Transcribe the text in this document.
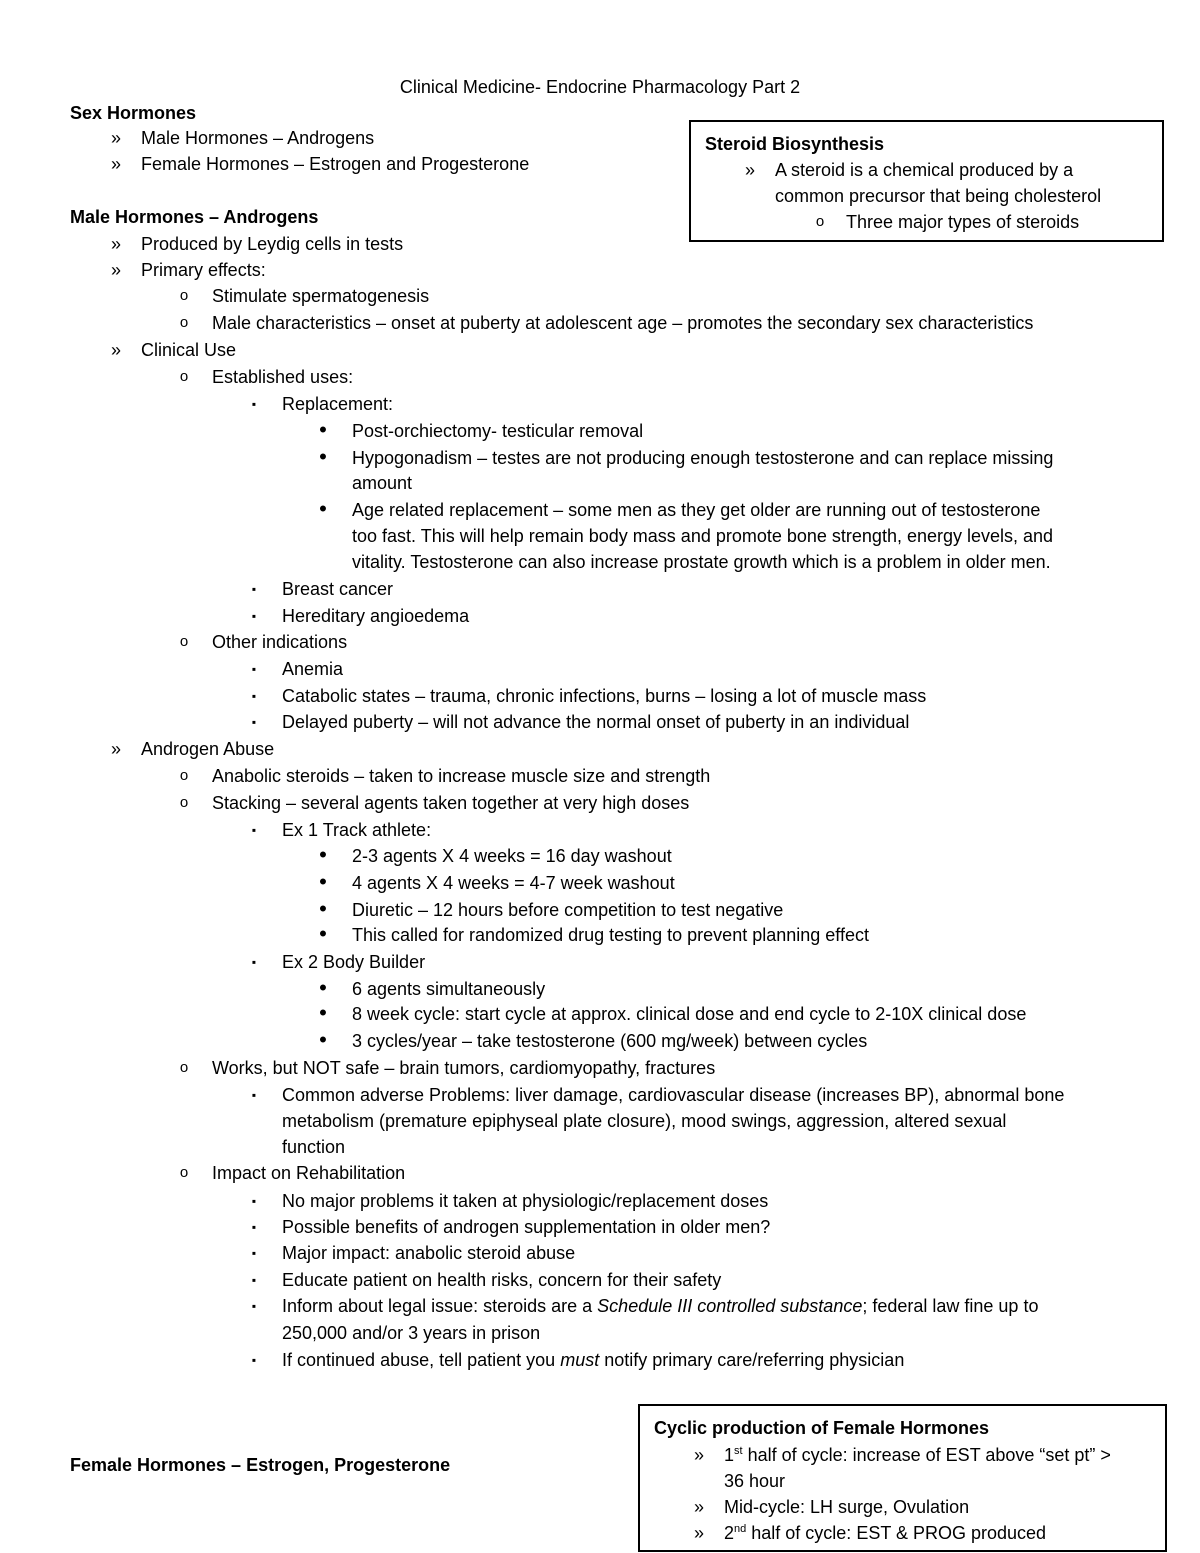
Clinical Medicine- Endocrine Pharmacology Part 2
Sex Hormones
»	Male Hormones – Androgens
»	Female Hormones – Estrogen and Progesterone
Steroid Biosynthesis
»	A steroid is a chemical produced by a
common precursor that being cholesterol
o	Three major types of steroids
Male Hormones – Androgens
»	Produced by Leydig cells in tests
»	Primary effects:
o	Stimulate spermatogenesis
o	Male characteristics – onset at puberty at adolescent age – promotes the secondary sex characteristics
»	Clinical Use
o	Established uses:
▪	Replacement:
•	Post-orchiectomy- testicular removal
•	Hypogonadism – testes are not producing enough testosterone and can replace missing
amount
•	Age related replacement – some men as they get older are running out of testosterone
too fast. This will help remain body mass and promote bone strength, energy levels, and
vitality. Testosterone can also increase prostate growth which is a problem in older men.
▪	Breast cancer
▪	Hereditary angioedema
o	Other indications
▪	Anemia
▪	Catabolic states – trauma, chronic infections, burns – losing a lot of muscle mass
▪	Delayed puberty – will not advance the normal onset of puberty in an individual
»	Androgen Abuse
o	Anabolic steroids – taken to increase muscle size and strength
o	Stacking – several agents taken together at very high doses
▪	Ex 1 Track athlete:
•	2-3 agents X 4 weeks = 16 day washout
•	4 agents X 4 weeks = 4-7 week washout
•	Diuretic – 12 hours before competition to test negative
•	This called for randomized drug testing to prevent planning effect
▪	Ex 2 Body Builder
•	6 agents simultaneously
•	8 week cycle: start cycle at approx. clinical dose and end cycle to 2-10X clinical dose
•	3 cycles/year – take testosterone (600 mg/week) between cycles
o	Works, but NOT safe – brain tumors, cardiomyopathy, fractures
▪	Common adverse Problems: liver damage, cardiovascular disease (increases BP), abnormal bone
metabolism (premature epiphyseal plate closure), mood swings, aggression, altered sexual
function
o	Impact on Rehabilitation
▪	No major problems it taken at physiologic/replacement doses
▪	Possible benefits of androgen supplementation in older men?
▪	Major impact: anabolic steroid abuse
▪	Educate patient on health risks, concern for their safety
▪	Inform about legal issue: steroids are a Schedule III controlled substance; federal law fine up to
250,000 and/or 3 years in prison
▪	If continued abuse, tell patient you must notify primary care/referring physician
Female Hormones – Estrogen, Progesterone
Cyclic production of Female Hormones
»	1st half of cycle: increase of EST above “set pt” >
36 hour
»	Mid-cycle: LH surge, Ovulation
»	2nd half of cycle: EST & PROG produced
